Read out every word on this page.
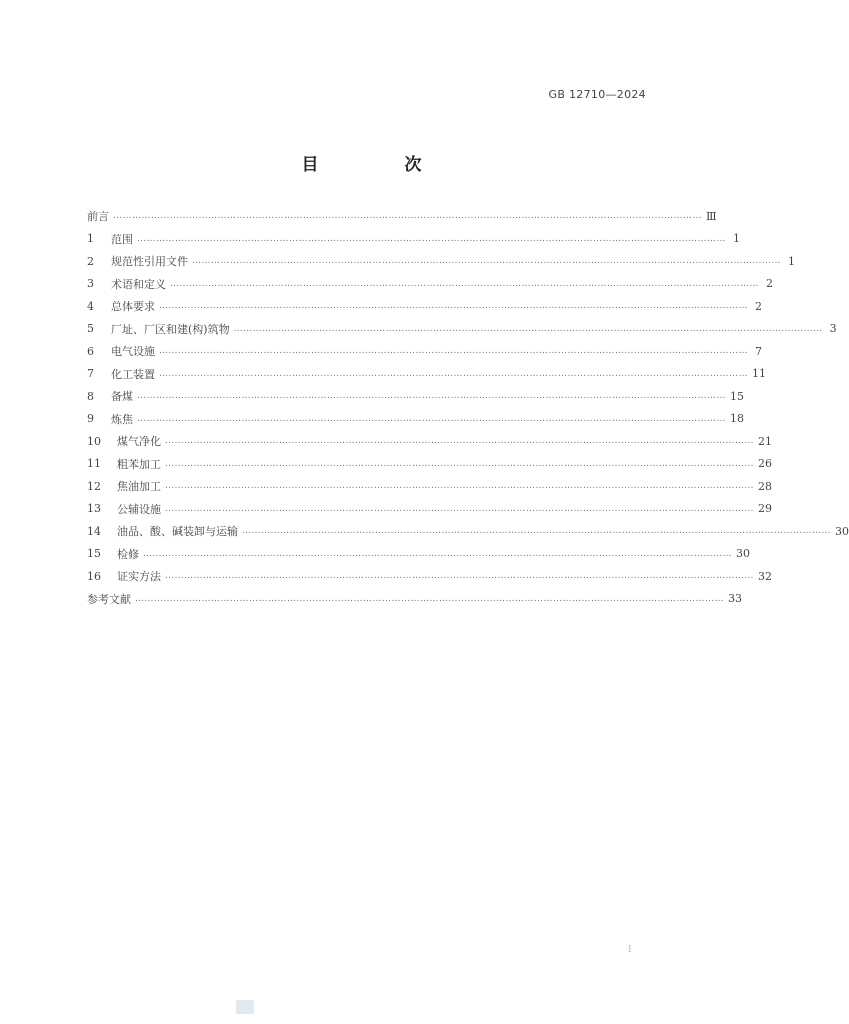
GB 12710—2024
目 次
前言 …………………………………………………………………………………………………………………………………………………………………… Ⅲ
1	范围 …………………………………………………………………………………………………………………………………………………………………… 1
2	规范性引用文件 …………………………………………………………………………………………………………………………………………………………………… 1
3	术语和定义 …………………………………………………………………………………………………………………………………………………………………… 2
4	总体要求 …………………………………………………………………………………………………………………………………………………………………… 2
5	厂址、厂区和建(构)筑物 …………………………………………………………………………………………………………………………………………………………………… 3
6	电气设施 …………………………………………………………………………………………………………………………………………………………………… 7
7	化工装置 …………………………………………………………………………………………………………………………………………………………………… 11
8	备煤 …………………………………………………………………………………………………………………………………………………………………… 15
9	炼焦 …………………………………………………………………………………………………………………………………………………………………… 18
10	煤气净化 …………………………………………………………………………………………………………………………………………………………………… 21
11	粗苯加工 …………………………………………………………………………………………………………………………………………………………………… 26
12	焦油加工 …………………………………………………………………………………………………………………………………………………………………… 28
13	公辅设施 …………………………………………………………………………………………………………………………………………………………………… 29
14	油品、酸、碱装卸与运输 …………………………………………………………………………………………………………………………………………………………………… 30
15	检修 …………………………………………………………………………………………………………………………………………………………………… 30
16	证实方法 …………………………………………………………………………………………………………………………………………………………………… 32
参考文献 …………………………………………………………………………………………………………………………………………………………………… 33
I
